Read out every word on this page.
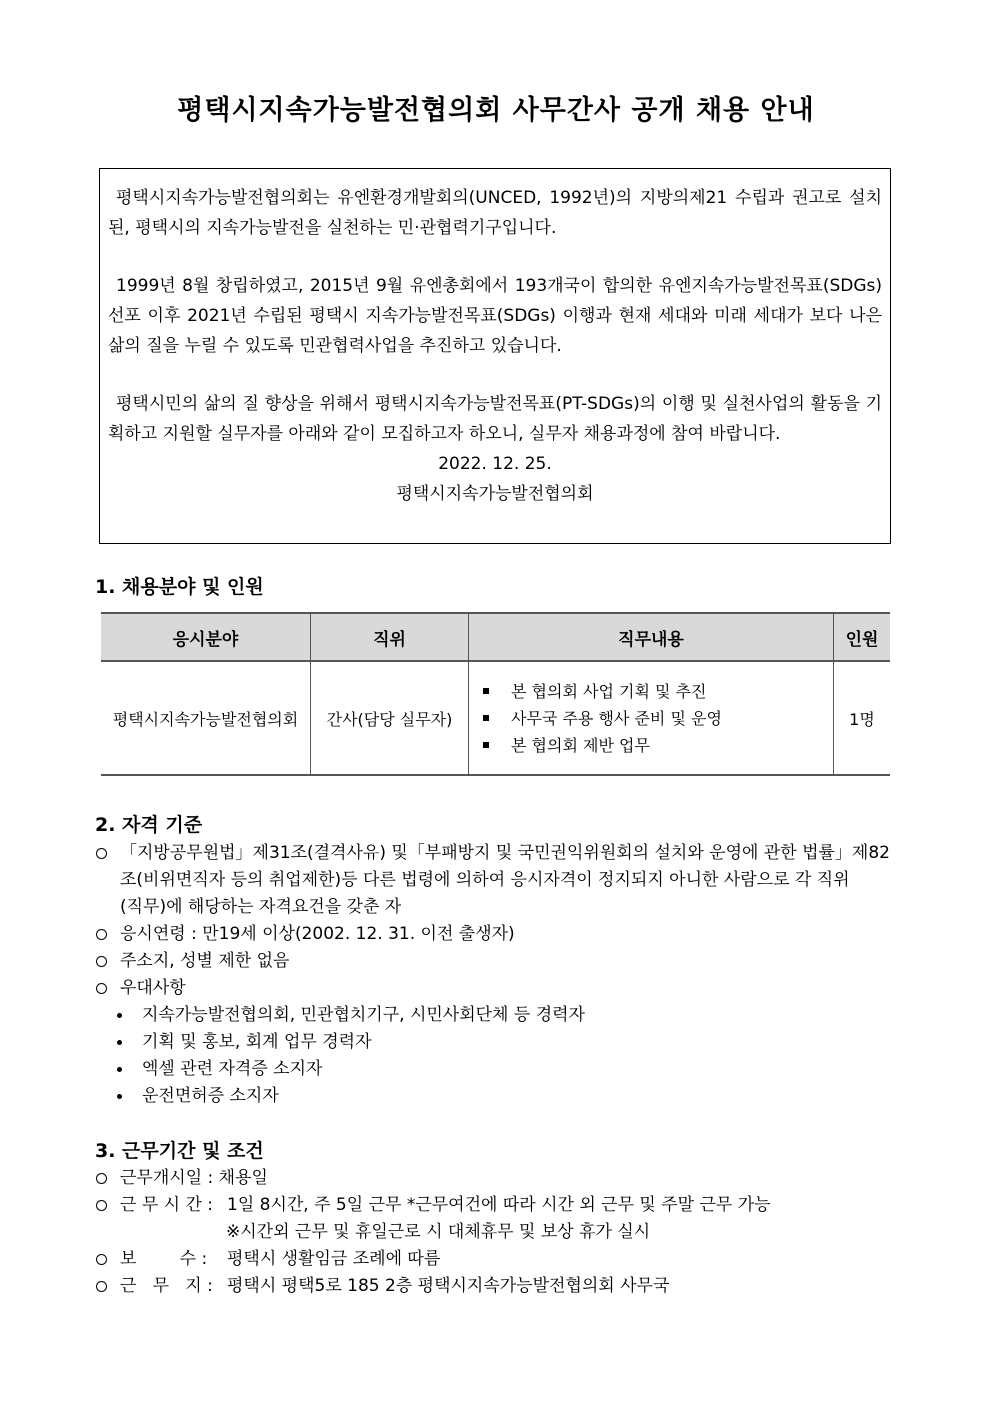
평택시지속가능발전협의회 사무간사 공개 채용 안내

평택시지속가능발전협의회는 유엔환경개발회의(UNCED, 1992년)의 지방의제21 수립과 권고로 설치된, 평택시의 지속가능발전을 실천하는 민·관협력기구입니다.

1999년 8월 창립하였고, 2015년 9월 유엔총회에서 193개국이 합의한 유엔지속가능발전목표(SDGs) 선포 이후 2021년 수립된 평택시 지속가능발전목표(SDGs) 이행과 현재 세대와 미래 세대가 보다 나은 삶의 질을 누릴 수 있도록 민관협력사업을 추진하고 있습니다.

평택시민의 삶의 질 향상을 위해서 평택시지속가능발전목표(PT-SDGs)의 이행 및 실천사업의 활동을 기획하고 지원할 실무자를 아래와 같이 모집하고자 하오니, 실무자 채용과정에 참여 바랍니다.

2022. 12. 25.
평택시지속가능발전협의회
1. 채용분야 및 인원
응시분야	직위	직무내용	인원
평택시지속가능발전협의회	간사(담당 실무자)	본 협의회 사업 기획 및 추진
사무국 주용 행사 준비 및 운영
본 협의회 제반 업무	1명
2. 자격 기준
「지방공무원법」제31조(결격사유) 및「부패방지 및 국민권익위원회의 설치와 운영에 관한 법률」제82
조(비위면직자 등의 취업제한)등 다른 법령에 의하여 응시자격이 정지되지 아니한 사람으로 각 직위
(직무)에 해당하는 자격요건을 갖춘 자
응시연령 : 만19세 이상(2002. 12. 31. 이전 출생자)
주소지, 성별 제한 없음
우대사항
지속가능발전협의회, 민관협치기구, 시민사회단체 등 경력자
기획 및 홍보, 회계 업무 경력자
엑셀 관련 자격증 소지자
운전면허증 소지자
3. 근무기간 및 조건
근무개시일 : 채용일
근 무 시 간 : 1일 8시간, 주 5일 근무 *근무여건에 따라 시간 외 근무 및 주말 근무 가능
※시간외 근무 및 휴일근로 시 대체휴무 및 보상 휴가 실시
보        수 :	평택시 생활임금 조례에 따름
근   무   지 : 평택시 평택5로 185 2층 평택시지속가능발전협의회 사무국
